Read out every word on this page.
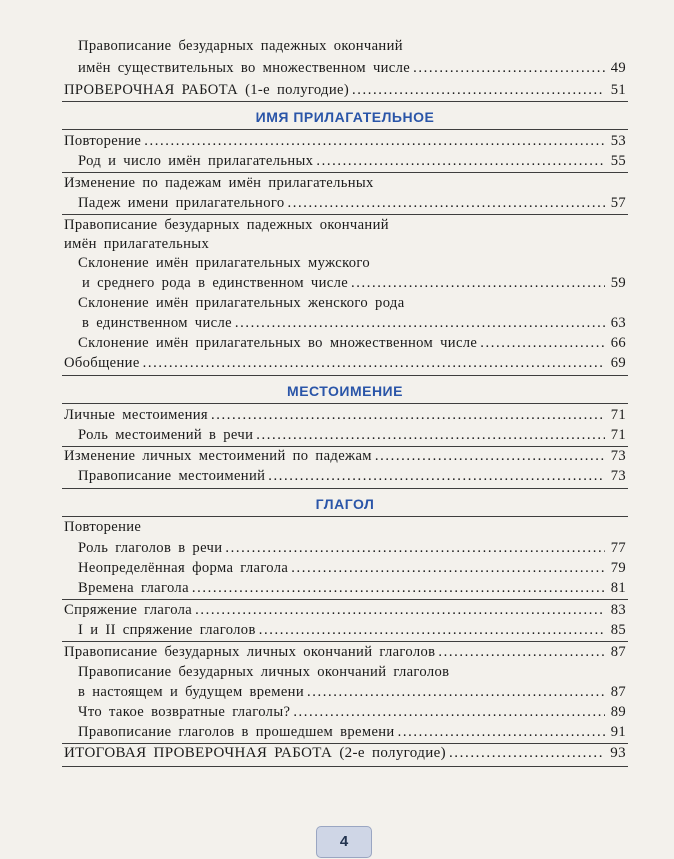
Правописание безударных падежных окончаний
имён существительных во множественном числе .....	49
ПРОВЕРОЧНАЯ РАБОТА (1-е полугодие) .....	51
ИМЯ ПРИЛАГАТЕЛЬНОЕ
Повторение .....	53
Род и число имён прилагательных .....	55
Изменение по падежам имён прилагательных
Падеж имени прилагательного .....	57
Правописание безударных падежных окончаний
имён прилагательных
Склонение имён прилагательных мужского
и среднего рода в единственном числе .....	59
Склонение имён прилагательных женского рода
в единственном числе .....	63
Склонение имён прилагательных во множественном числе .....	66
Обобщение .....	69
МЕСТОИМЕНИЕ
Личные местоимения .....	71
Роль местоимений в речи .....	71
Изменение личных местоимений по падежам .....	73
Правописание местоимений .....	73
ГЛАГОЛ
Повторение
Роль глаголов в речи .....	77
Неопределённая форма глагола .....	79
Времена глагола .....	81
Спряжение глагола .....	83
I и II спряжение глаголов .....	85
Правописание безударных личных окончаний глаголов .....	87
Правописание безударных личных окончаний глаголов
в настоящем и будущем времени .....	87
Что такое возвратные глаголы? .....	89
Правописание глаголов в прошедшем времени .....	91
ИТОГОВАЯ ПРОВЕРОЧНАЯ РАБОТА (2-е полугодие) .....	93
4
